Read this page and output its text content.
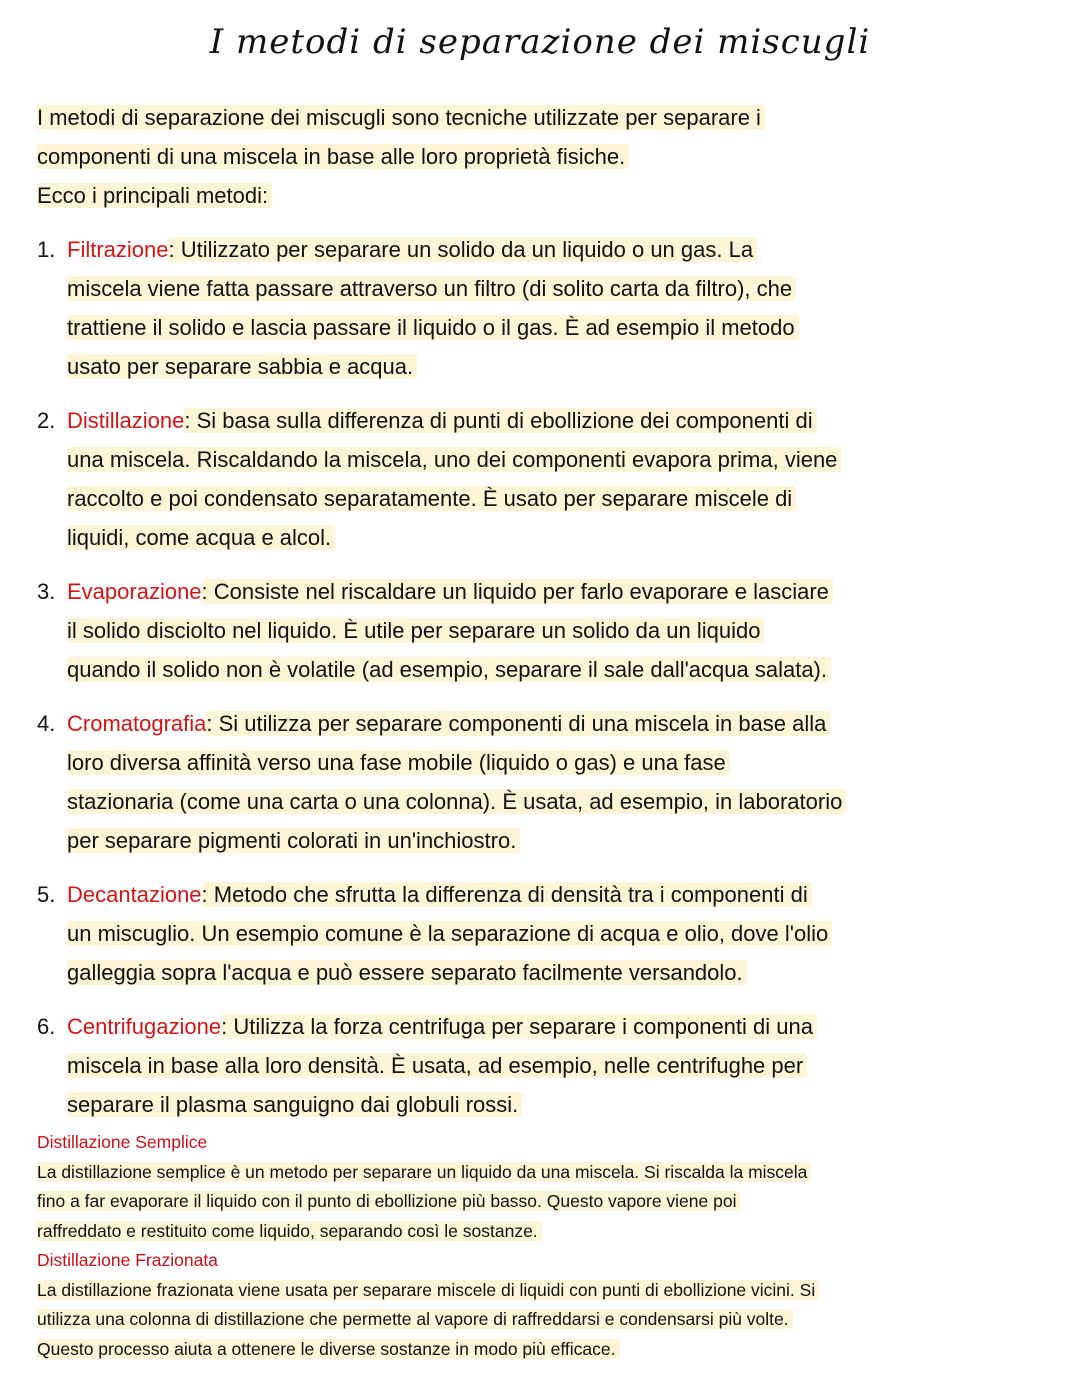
I metodi di separazione dei miscugli
I metodi di separazione dei miscugli sono tecniche utilizzate per separare i
componenti di una miscela in base alle loro proprietà fisiche.
Ecco i principali metodi:
1. Filtrazione: Utilizzato per separare un solido da un liquido o un gas. La
miscela viene fatta passare attraverso un filtro (di solito carta da filtro), che
trattiene il solido e lascia passare il liquido o il gas. È ad esempio il metodo
usato per separare sabbia e acqua.
2. Distillazione: Si basa sulla differenza di punti di ebollizione dei componenti di
una miscela. Riscaldando la miscela, uno dei componenti evapora prima, viene
raccolto e poi condensato separatamente. È usato per separare miscele di
liquidi, come acqua e alcol.
3. Evaporazione: Consiste nel riscaldare un liquido per farlo evaporare e lasciare
il solido disciolto nel liquido. È utile per separare un solido da un liquido
quando il solido non è volatile (ad esempio, separare il sale dall'acqua salata).
4. Cromatografia: Si utilizza per separare componenti di una miscela in base alla
loro diversa affinità verso una fase mobile (liquido o gas) e una fase
stazionaria (come una carta o una colonna). È usata, ad esempio, in laboratorio
per separare pigmenti colorati in un'inchiostro.
5. Decantazione: Metodo che sfrutta la differenza di densità tra i componenti di
un miscuglio. Un esempio comune è la separazione di acqua e olio, dove l'olio
galleggia sopra l'acqua e può essere separato facilmente versandolo.
6. Centrifugazione: Utilizza la forza centrifuga per separare i componenti di una
miscela in base alla loro densità. È usata, ad esempio, nelle centrifughe per
separare il plasma sanguigno dai globuli rossi.
Distillazione Semplice
La distillazione semplice è un metodo per separare un liquido da una miscela. Si riscalda la miscela
fino a far evaporare il liquido con il punto di ebollizione più basso. Questo vapore viene poi
raffreddato e restituito come liquido, separando così le sostanze.
Distillazione Frazionata
La distillazione frazionata viene usata per separare miscele di liquidi con punti di ebollizione vicini. Si
utilizza una colonna di distillazione che permette al vapore di raffreddarsi e condensarsi più volte.
Questo processo aiuta a ottenere le diverse sostanze in modo più efficace.
